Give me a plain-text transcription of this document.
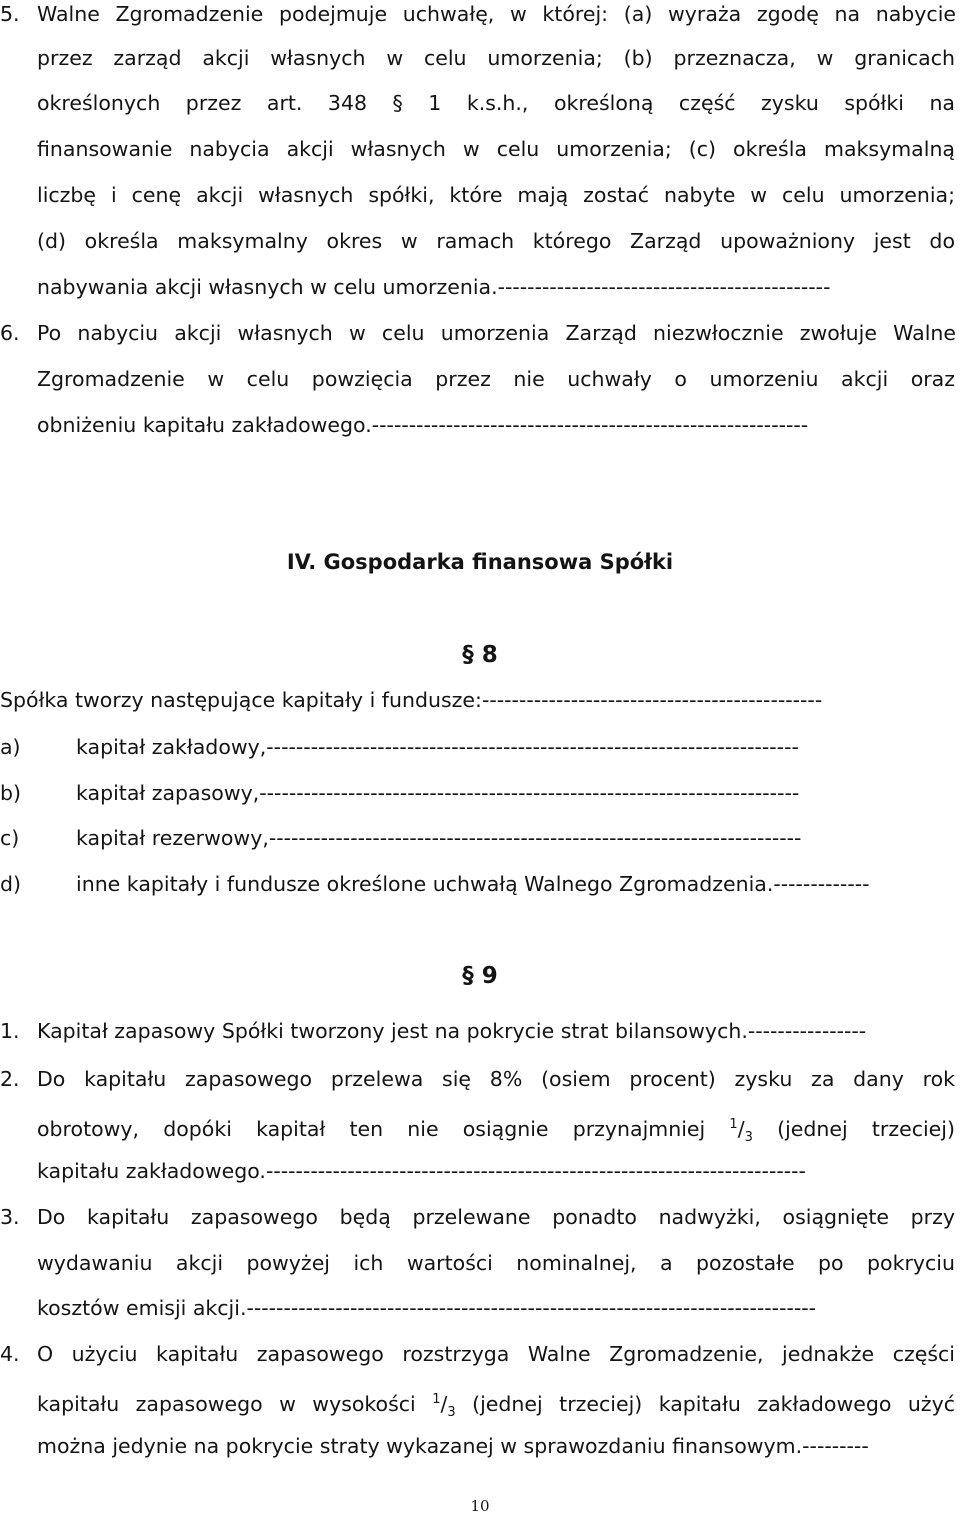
5. Walne Zgromadzenie podejmuje uchwałę, w której: (a) wyraża zgodę na nabycie
przez zarząd akcji własnych w celu umorzenia; (b) przeznacza, w granicach
określonych przez art. 348 § 1 k.s.h., określoną część zysku spółki na
finansowanie nabycia akcji własnych w celu umorzenia; (c) określa maksymalną
liczbę i cenę akcji własnych spółki, które mają zostać nabyte w celu umorzenia;
(d) określa maksymalny okres w ramach którego Zarząd upoważniony jest do
nabywania akcji własnych w celu umorzenia.---------------------------------------------
6. Po nabyciu akcji własnych w celu umorzenia Zarząd niezwłocznie zwołuje Walne
Zgromadzenie w celu powzięcia przez nie uchwały o umorzeniu akcji oraz
obniżeniu kapitału zakładowego.-----------------------------------------------------------
IV. Gospodarka finansowa Spółki
§ 8
Spółka tworzy następujące kapitały i fundusze:----------------------------------------------
a)	kapitał zakładowy,------------------------------------------------------------------------
b)	kapitał zapasowy,-------------------------------------------------------------------------
c)	kapitał rezerwowy,------------------------------------------------------------------------
d)	inne kapitały i fundusze określone uchwałą Walnego Zgromadzenia.-------------
§ 9
1. Kapitał zapasowy Spółki tworzony jest na pokrycie strat bilansowych.----------------
2. Do kapitału zapasowego przelewa się 8% (osiem procent) zysku za dany rok
obrotowy, dopóki kapitał ten nie osiągnie przynajmniej $^1/_3$ (jednej trzeciej)
kapitału zakładowego.-------------------------------------------------------------------------
3. Do kapitału zapasowego będą przelewane ponadto nadwyżki, osiągnięte przy
wydawaniu akcji powyżej ich wartości nominalnej, a pozostałe po pokryciu
kosztów emisji akcji.-----------------------------------------------------------------------------
4. O użyciu kapitału zapasowego rozstrzyga Walne Zgromadzenie, jednakże części
kapitału zapasowego w wysokości $^1/_3$ (jednej trzeciej) kapitału zakładowego użyć
można jedynie na pokrycie straty wykazanej w sprawozdaniu finansowym.---------
10
